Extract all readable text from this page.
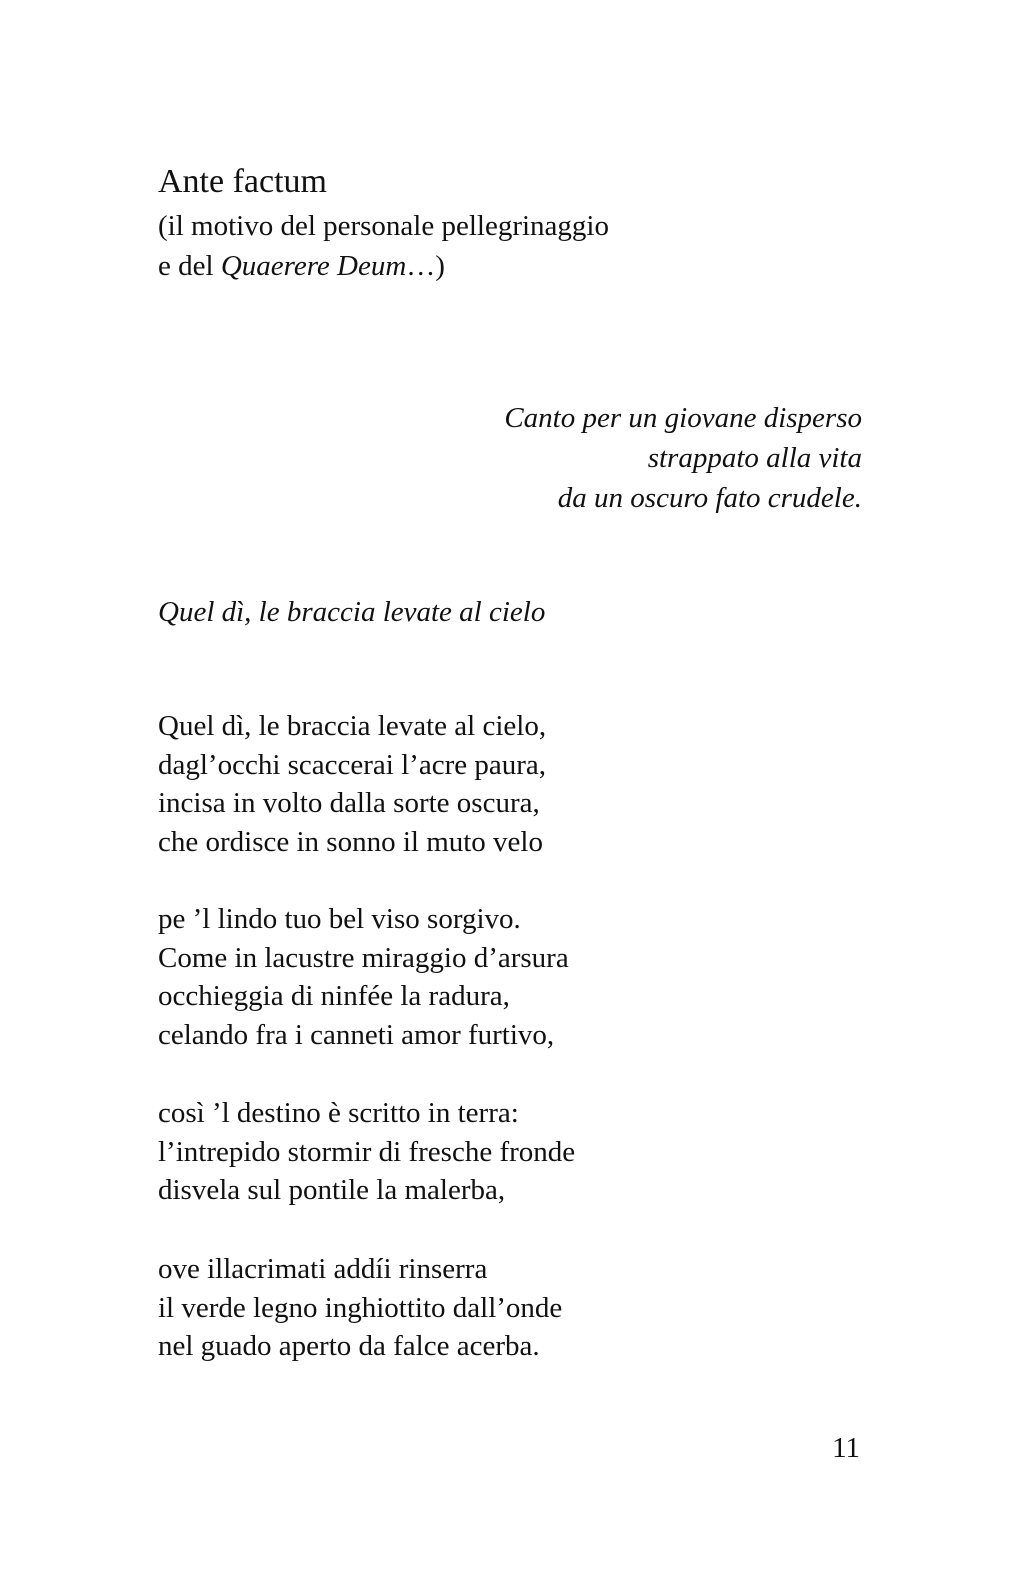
Ante factum
(il motivo del personale pellegrinaggio
e del Quaerere Deum…)
Canto per un giovane disperso
strappato alla vita
da un oscuro fato crudele.
Quel dì, le braccia levate al cielo
Quel dì, le braccia levate al cielo,
dagl’occhi scaccerai l’acre paura,
incisa in volto dalla sorte oscura,
che ordisce in sonno il muto velo
pe ’l lindo tuo bel viso sorgivo.
Come in lacustre miraggio d’arsura
occhieggia di ninfée la radura,
celando fra i canneti amor furtivo,
così ’l destino è scritto in terra:
l’intrepido stormir di fresche fronde
disvela sul pontile la malerba,
ove illacrimati addíi rinserra
il verde legno inghiottito dall’onde
nel guado aperto da falce acerba.
11
